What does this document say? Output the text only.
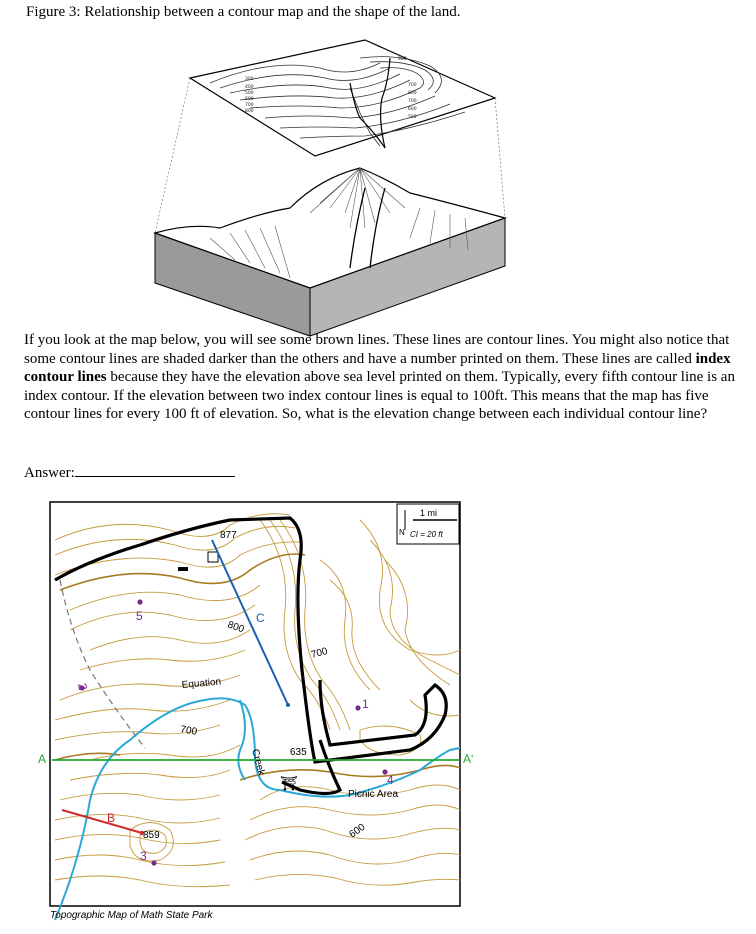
Figure 3: Relationship between a contour map and the shape of the land.
300
400
500
600
700
800
900
700
800
700
600
500

If you look at the map below, you will see some brown lines. These lines are contour lines. You might also notice that some contour lines are shaded darker than the others and have a number printed on them. These lines are called index contour lines because they have the elevation above sea level printed on them. Typically, every fifth contour line is an index contour. If the elevation between two index contour lines is equal to 100ft. This means that the map has five contour lines for every 100 ft of elevation. So, what is the elevation change between each individual contour line?

Answer:
⛩
N
1 mi
CI = 20 ft
877
800
700
700
635
600
859
Equation
Creek
Picnic Area
A	A'
B
C
1
2
3
4
5
Topographic Map of Math State Park
